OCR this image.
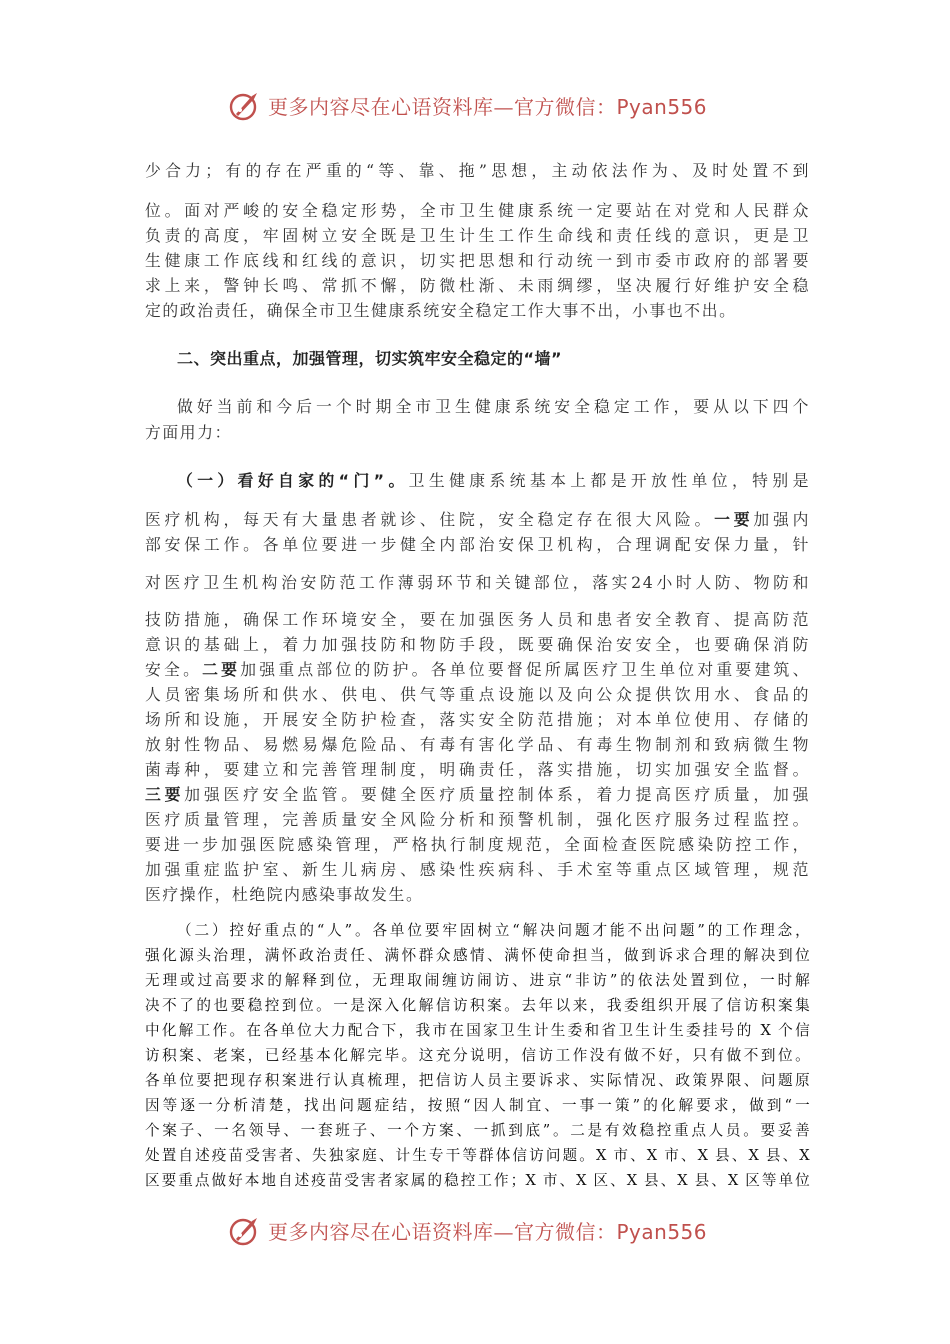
更多内容尽在心语资料库—官方微信：Pyan556
少合力；有的存在严重的“等、靠、拖”思想，主动依法作为、及时处置不到
位。面对严峻的安全稳定形势，全市卫生健康系统一定要站在对党和人民群众
负责的高度，牢固树立安全既是卫生计生工作生命线和责任线的意识，更是卫
生健康工作底线和红线的意识，切实把思想和行动统一到市委市政府的部署要
求上来，警钟长鸣、常抓不懈，防微杜渐、未雨绸缪，坚决履行好维护安全稳
定的政治责任，确保全市卫生健康系统安全稳定工作大事不出，小事也不出。
二、突出重点，加强管理，切实筑牢安全稳定的“墙”
做好当前和今后一个时期全市卫生健康系统安全稳定工作，要从以下四个
方面用力：
（一）看好自家的“门”。卫生健康系统基本上都是开放性单位，特别是
医疗机构，每天有大量患者就诊、住院，安全稳定存在很大风险。一要加强内
部安保工作。各单位要进一步健全内部治安保卫机构，合理调配安保力量，针
对医疗卫生机构治安防范工作薄弱环节和关键部位，落实24小时人防、物防和
技防措施，确保工作环境安全，要在加强医务人员和患者安全教育、提高防范
意识的基础上，着力加强技防和物防手段，既要确保治安安全，也要确保消防
安全。二要加强重点部位的防护。各单位要督促所属医疗卫生单位对重要建筑、
人员密集场所和供水、供电、供气等重点设施以及向公众提供饮用水、食品的
场所和设施，开展安全防护检查，落实安全防范措施；对本单位使用、存储的
放射性物品、易燃易爆危险品、有毒有害化学品、有毒生物制剂和致病微生物
菌毒种，要建立和完善管理制度，明确责任，落实措施，切实加强安全监督。
三要加强医疗安全监管。要健全医疗质量控制体系，着力提高医疗质量，加强
医疗质量管理，完善质量安全风险分析和预警机制，强化医疗服务过程监控。
要进一步加强医院感染管理，严格执行制度规范，全面检查医院感染防控工作，
加强重症监护室、新生儿病房、感染性疾病科、手术室等重点区域管理，规范
医疗操作，杜绝院内感染事故发生。
（二）控好重点的“人”。各单位要牢固树立“解决问题才能不出问题”的工作理念，
强化源头治理，满怀政治责任、满怀群众感情、满怀使命担当，做到诉求合理的解决到位
无理或过高要求的解释到位，无理取闹缠访闹访、进京“非访”的依法处置到位，一时解
决不了的也要稳控到位。一是深入化解信访积案。去年以来，我委组织开展了信访积案集
中化解工作。在各单位大力配合下，我市在国家卫生计生委和省卫生计生委挂号的 X 个信
访积案、老案，已经基本化解完毕。这充分说明，信访工作没有做不好，只有做不到位。
各单位要把现存积案进行认真梳理，把信访人员主要诉求、实际情况、政策界限、问题原
因等逐一分析清楚，找出问题症结，按照“因人制宜、一事一策”的化解要求，做到“一
个案子、一名领导、一套班子、一个方案、一抓到底”。二是有效稳控重点人员。要妥善
处置自述疫苗受害者、失独家庭、计生专干等群体信访问题。X 市、X 市、X 县、X 县、X
区要重点做好本地自述疫苗受害者家属的稳控工作；X 市、X 区、X 县、X 县、X 区等单位
更多内容尽在心语资料库—官方微信：Pyan556
